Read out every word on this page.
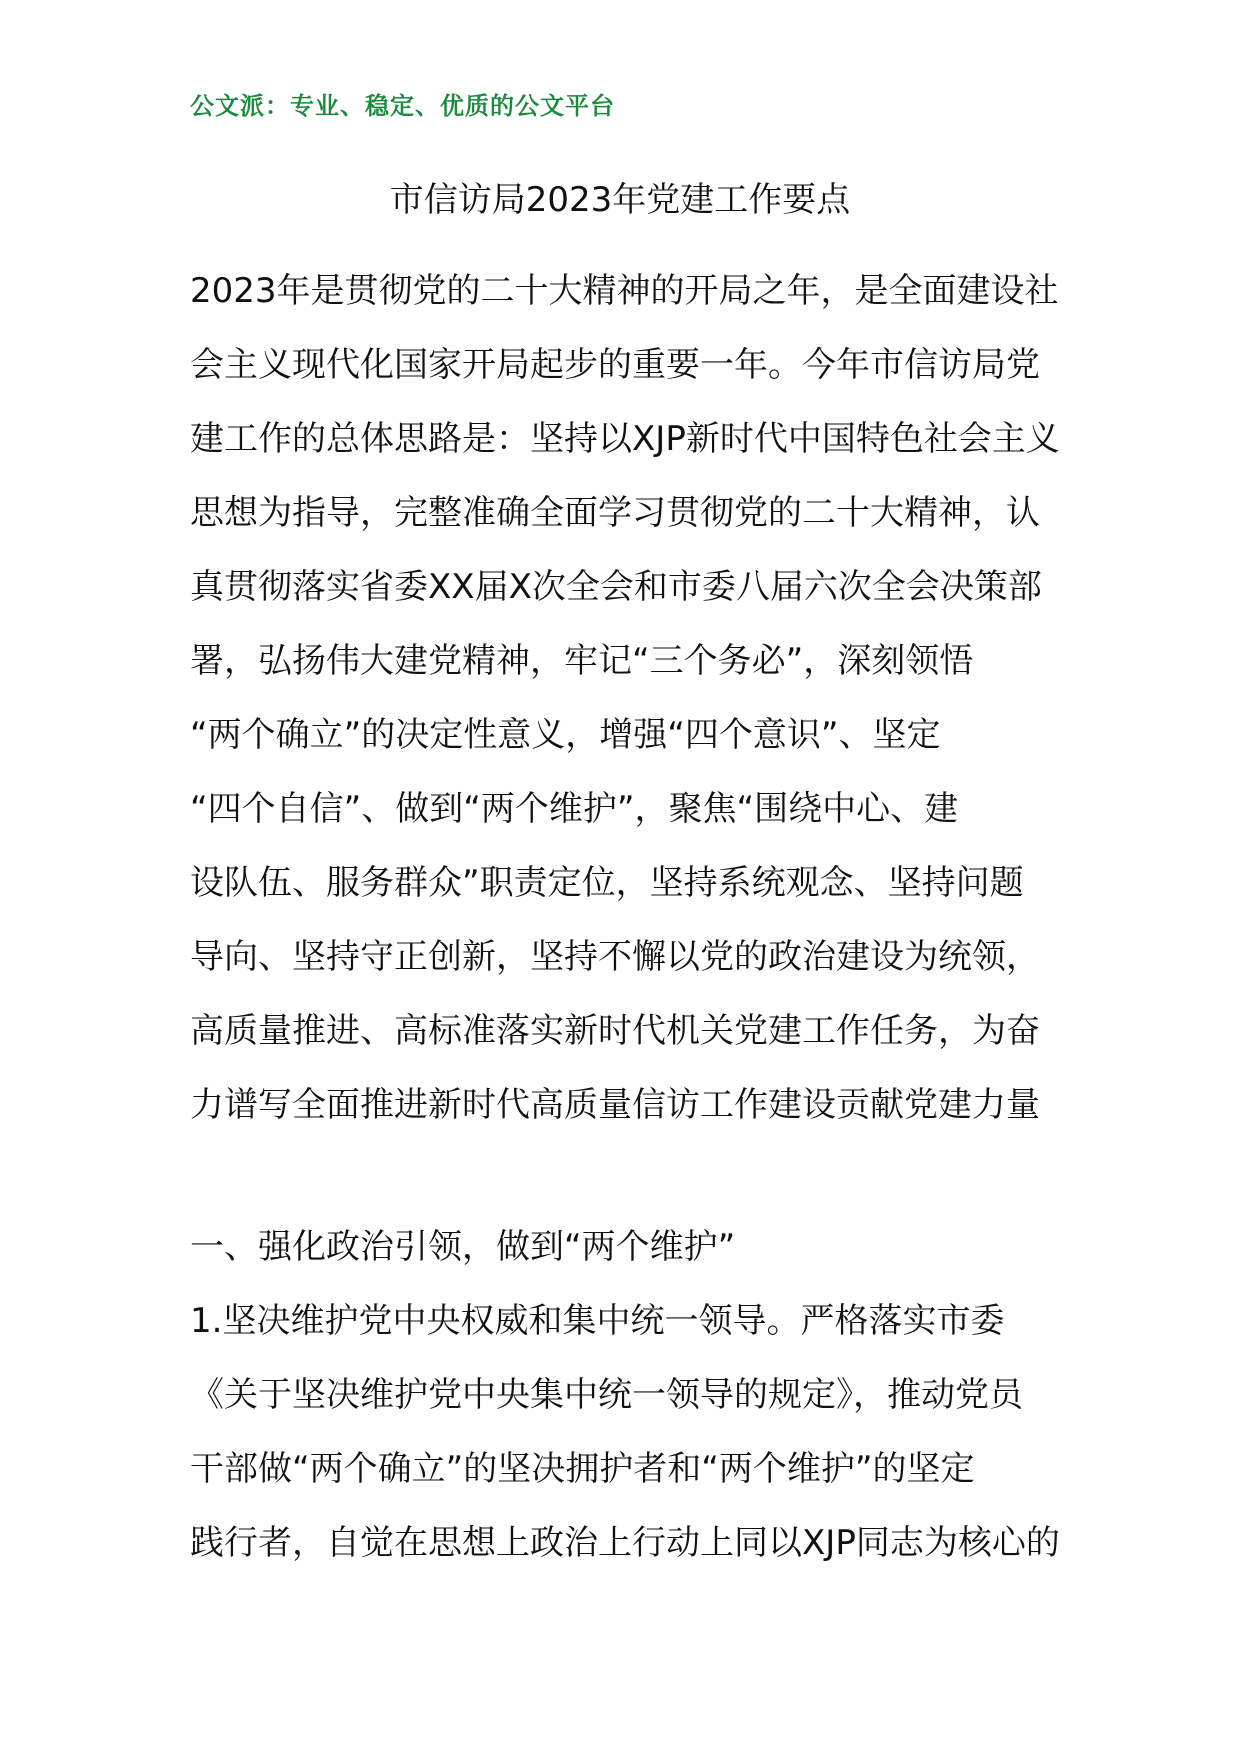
公文派：专业、稳定、优质的公文平台
市信访局2023年党建工作要点
2023年是贯彻党的二十大精神的开局之年，是全面建设社
会主义现代化国家开局起步的重要一年。今年市信访局党
建工作的总体思路是：坚持以XJP新时代中国特色社会主义
思想为指导，完整准确全面学习贯彻党的二十大精神，认
真贯彻落实省委XX届X次全会和市委八届六次全会决策部
署，弘扬伟大建党精神，牢记“三个务必”，深刻领悟
“两个确立”的决定性意义，增强“四个意识”、坚定
“四个自信”、做到“两个维护”，聚焦“围绕中心、建
设队伍、服务群众”职责定位，坚持系统观念、坚持问题
导向、坚持守正创新，坚持不懈以党的政治建设为统领，
高质量推进、高标准落实新时代机关党建工作任务，为奋
力谱写全面推进新时代高质量信访工作建设贡献党建力量
一、强化政治引领，做到“两个维护”
1.坚决维护党中央权威和集中统一领导。严格落实市委
《关于坚决维护党中央集中统一领导的规定》，推动党员
干部做“两个确立”的坚决拥护者和“两个维护”的坚定
践行者，自觉在思想上政治上行动上同以XJP同志为核心的
